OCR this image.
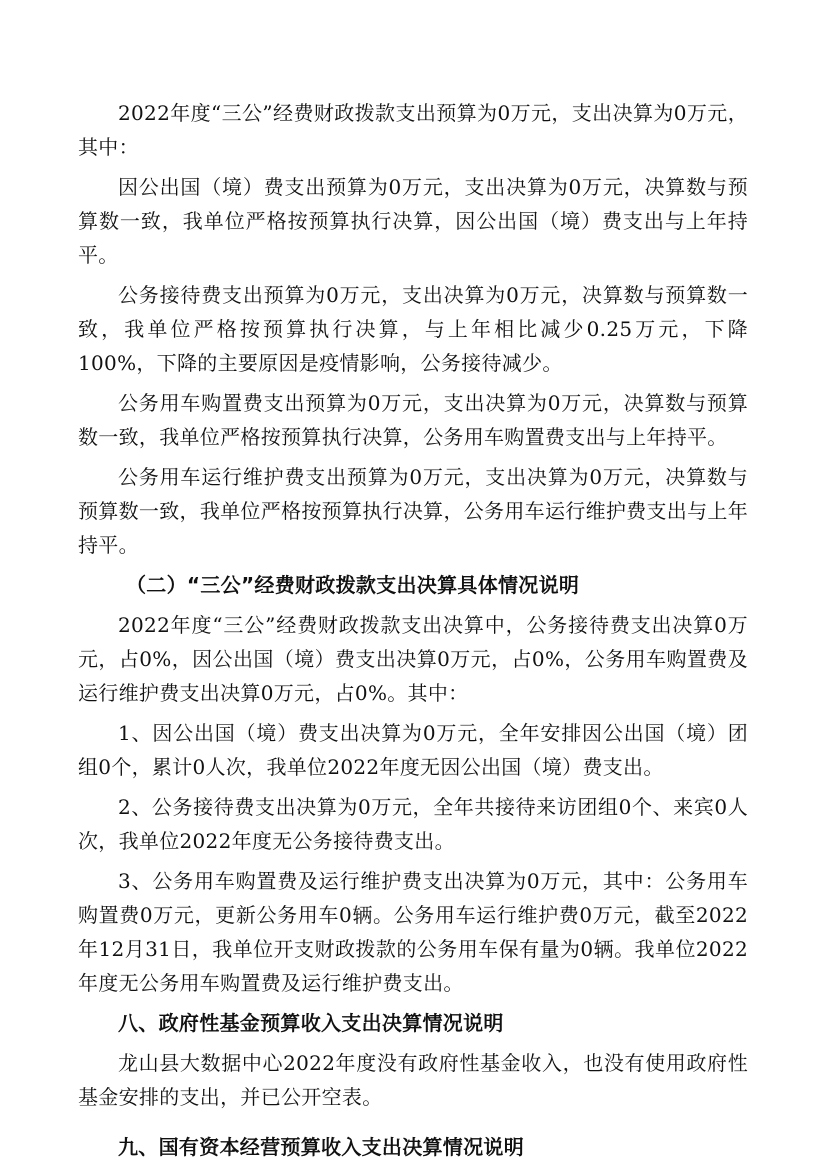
2022年度“三公”经费财政拨款支出预算为0万元，支出决算为0万元，其中：

因公出国（境）费支出预算为0万元，支出决算为0万元，决算数与预算数一致，我单位严格按预算执行决算，因公出国（境）费支出与上年持平。

公务接待费支出预算为0万元，支出决算为0万元，决算数与预算数一致，我单位严格按预算执行决算，与上年相比减少0.25万元，下降100%，下降的主要原因是疫情影响，公务接待减少。

公务用车购置费支出预算为0万元，支出决算为0万元，决算数与预算数一致，我单位严格按预算执行决算，公务用车购置费支出与上年持平。

公务用车运行维护费支出预算为0万元，支出决算为0万元，决算数与预算数一致，我单位严格按预算执行决算，公务用车运行维护费支出与上年持平。

（二）“三公”经费财政拨款支出决算具体情况说明

2022年度“三公”经费财政拨款支出决算中，公务接待费支出决算0万元，占0%，因公出国（境）费支出决算0万元，占0%，公务用车购置费及运行维护费支出决算0万元，占0%。其中：

1、因公出国（境）费支出决算为0万元，全年安排因公出国（境）团组0个，累计0人次，我单位2022年度无因公出国（境）费支出。

2、公务接待费支出决算为0万元，全年共接待来访团组0个、来宾0人次，我单位2022年度无公务接待费支出。

3、公务用车购置费及运行维护费支出决算为0万元，其中：公务用车购置费0万元，更新公务用车0辆。公务用车运行维护费0万元，截至2022年12月31日，我单位开支财政拨款的公务用车保有量为0辆。我单位2022年度无公务用车购置费及运行维护费支出。

八、政府性基金预算收入支出决算情况说明

龙山县大数据中心2022年度没有政府性基金收入，也没有使用政府性基金安排的支出，并已公开空表。

九、国有资本经营预算收入支出决算情况说明
